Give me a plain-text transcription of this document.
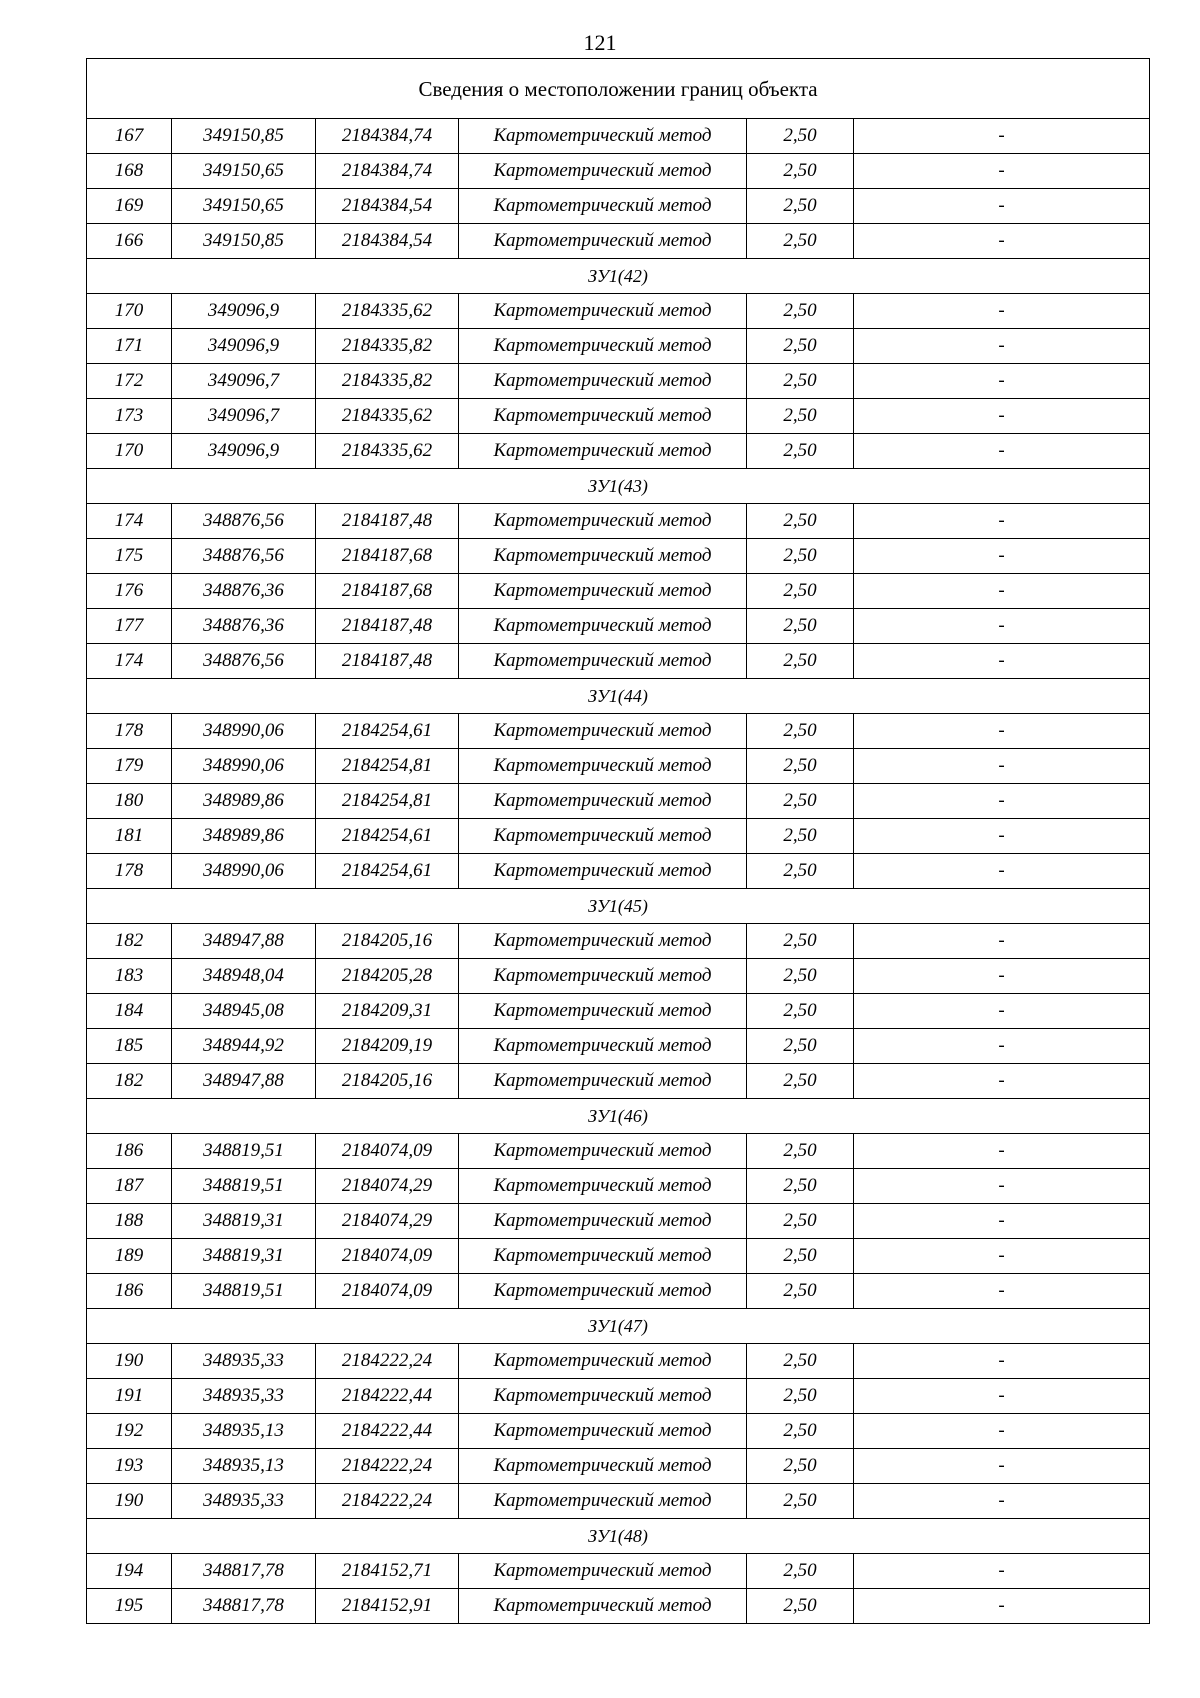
121
Сведения о местоположении границ объекта					
167	349150,85	2184384,74	Картометрический метод	2,50	-
168	349150,65	2184384,74	Картометрический метод	2,50	-
169	349150,65	2184384,54	Картометрический метод	2,50	-
166	349150,85	2184384,54	Картометрический метод	2,50	-
ЗУ1(42)					
170	349096,9	2184335,62	Картометрический метод	2,50	-
171	349096,9	2184335,82	Картометрический метод	2,50	-
172	349096,7	2184335,82	Картометрический метод	2,50	-
173	349096,7	2184335,62	Картометрический метод	2,50	-
170	349096,9	2184335,62	Картометрический метод	2,50	-
ЗУ1(43)					
174	348876,56	2184187,48	Картометрический метод	2,50	-
175	348876,56	2184187,68	Картометрический метод	2,50	-
176	348876,36	2184187,68	Картометрический метод	2,50	-
177	348876,36	2184187,48	Картометрический метод	2,50	-
174	348876,56	2184187,48	Картометрический метод	2,50	-
ЗУ1(44)					
178	348990,06	2184254,61	Картометрический метод	2,50	-
179	348990,06	2184254,81	Картометрический метод	2,50	-
180	348989,86	2184254,81	Картометрический метод	2,50	-
181	348989,86	2184254,61	Картометрический метод	2,50	-
178	348990,06	2184254,61	Картометрический метод	2,50	-
ЗУ1(45)					
182	348947,88	2184205,16	Картометрический метод	2,50	-
183	348948,04	2184205,28	Картометрический метод	2,50	-
184	348945,08	2184209,31	Картометрический метод	2,50	-
185	348944,92	2184209,19	Картометрический метод	2,50	-
182	348947,88	2184205,16	Картометрический метод	2,50	-
ЗУ1(46)					
186	348819,51	2184074,09	Картометрический метод	2,50	-
187	348819,51	2184074,29	Картометрический метод	2,50	-
188	348819,31	2184074,29	Картометрический метод	2,50	-
189	348819,31	2184074,09	Картометрический метод	2,50	-
186	348819,51	2184074,09	Картометрический метод	2,50	-
ЗУ1(47)					
190	348935,33	2184222,24	Картометрический метод	2,50	-
191	348935,33	2184222,44	Картометрический метод	2,50	-
192	348935,13	2184222,44	Картометрический метод	2,50	-
193	348935,13	2184222,24	Картометрический метод	2,50	-
190	348935,33	2184222,24	Картометрический метод	2,50	-
ЗУ1(48)					
194	348817,78	2184152,71	Картометрический метод	2,50	-
195	348817,78	2184152,91	Картометрический метод	2,50	-
